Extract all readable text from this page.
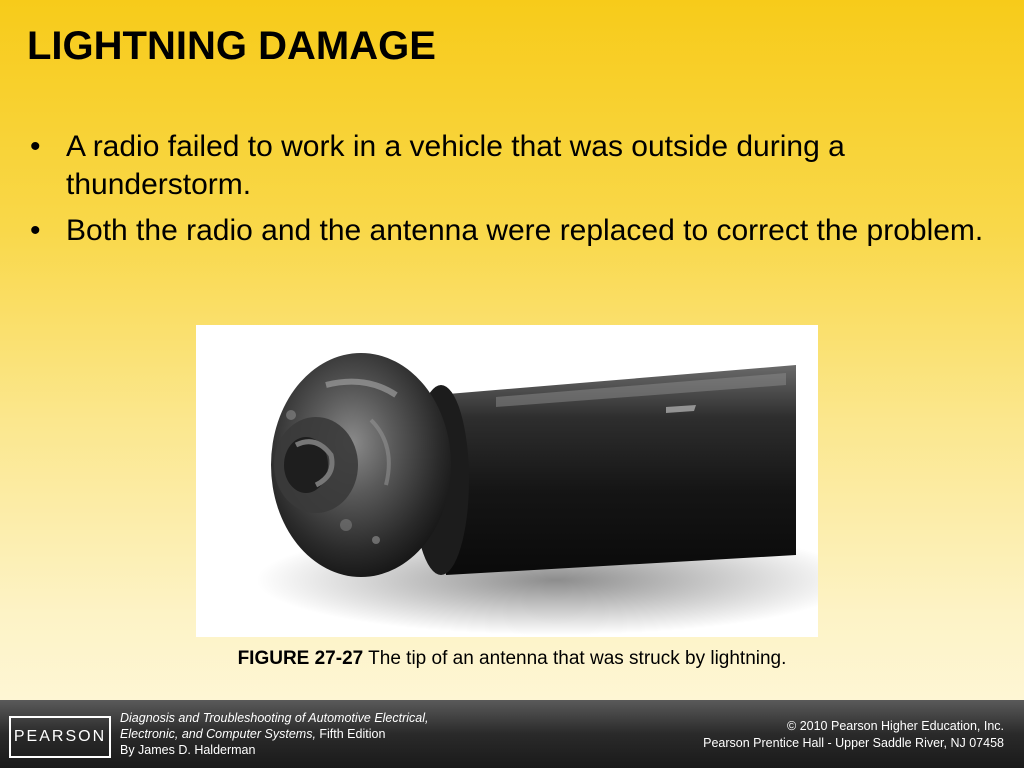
LIGHTNING DAMAGE
• A radio failed to work in a vehicle that was outside during a thunderstorm.
• Both the radio and the antenna were replaced to correct the problem.
FIGURE 27-27 The tip of an antenna that was struck by lightning.
PEARSON
Diagnosis and Troubleshooting of Automotive Electrical,
Electronic, and Computer Systems, Fifth Edition
By James D. Halderman
© 2010 Pearson Higher Education, Inc.
Pearson Prentice Hall - Upper Saddle River, NJ 07458
